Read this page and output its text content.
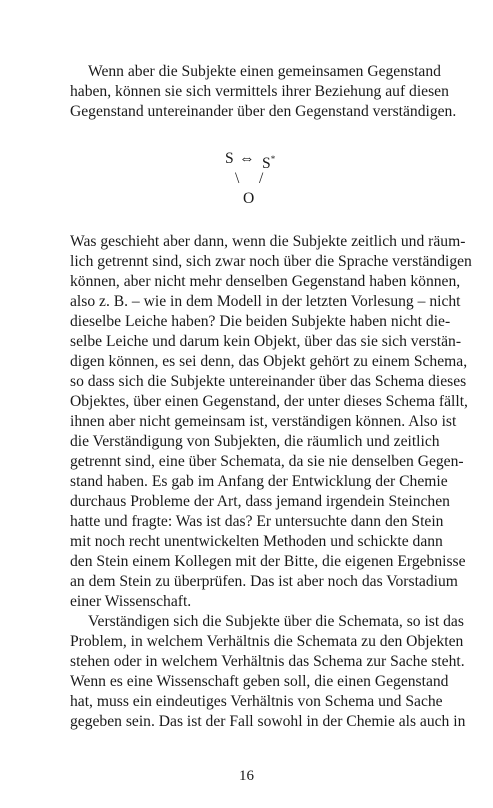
Wenn aber die Subjekte einen gemeinsamen Gegenstand
haben, können sie sich vermittels ihrer Beziehung auf diesen
Gegenstand untereinander über den Gegenstand verständigen.
S ⇔ S*
\ /
O
Was geschieht aber dann, wenn die Subjekte zeitlich und räum-
lich getrennt sind, sich zwar noch über die Sprache verständigen
können, aber nicht mehr denselben Gegenstand haben können,
also z. B. – wie in dem Modell in der letzten Vorlesung – nicht
dieselbe Leiche haben? Die beiden Subjekte haben nicht die-
selbe Leiche und darum kein Objekt, über das sie sich verstän-
digen können, es sei denn, das Objekt gehört zu einem Schema,
so dass sich die Subjekte untereinander über das Schema dieses
Objektes, über einen Gegenstand, der unter dieses Schema fällt,
ihnen aber nicht gemeinsam ist, verständigen können. Also ist
die Verständigung von Subjekten, die räumlich und zeitlich
getrennt sind, eine über Schemata, da sie nie denselben Gegen-
stand haben. Es gab im Anfang der Entwicklung der Chemie
durchaus Probleme der Art, dass jemand irgendein Steinchen
hatte und fragte: Was ist das? Er untersuchte dann den Stein
mit noch recht unentwickelten Methoden und schickte dann
den Stein einem Kollegen mit der Bitte, die eigenen Ergebnisse
an dem Stein zu überprüfen. Das ist aber noch das Vorstadium
einer Wissenschaft.
Verständigen sich die Subjekte über die Schemata, so ist das
Problem, in welchem Verhältnis die Schemata zu den Objekten
stehen oder in welchem Verhältnis das Schema zur Sache steht.
Wenn es eine Wissenschaft geben soll, die einen Gegenstand
hat, muss ein eindeutiges Verhältnis von Schema und Sache
gegeben sein. Das ist der Fall sowohl in der Chemie als auch in
16
